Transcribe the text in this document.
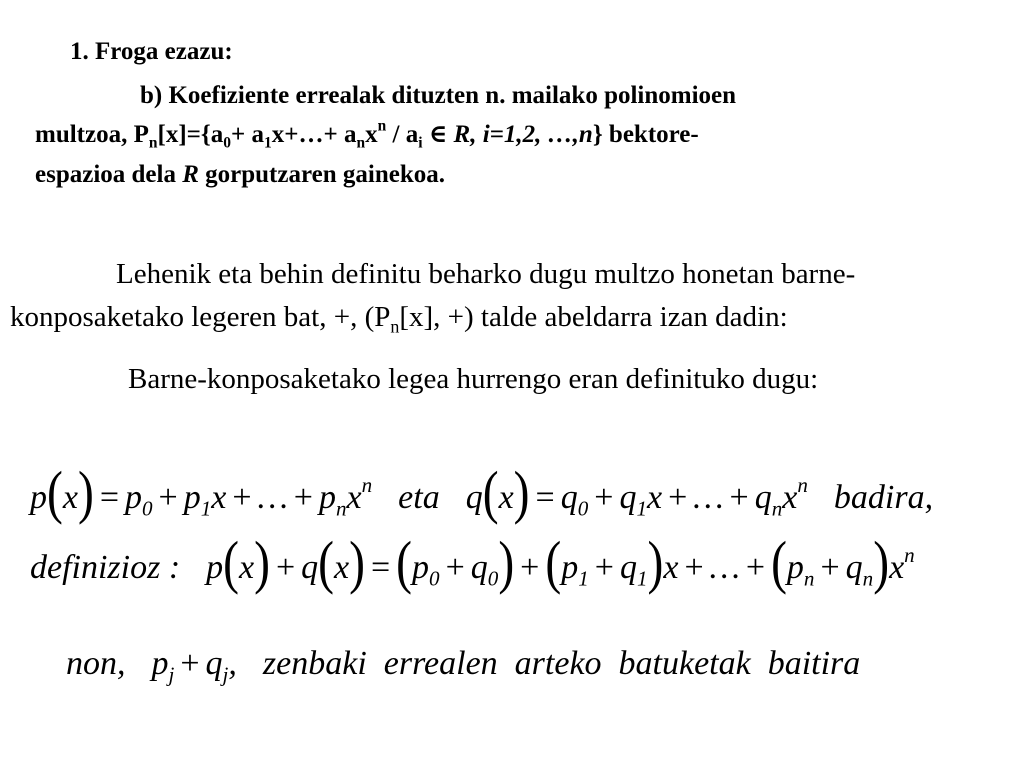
1. Froga ezazu:
b) Koefiziente errealak dituzten n. mailako polinomioen
multzoa, $P_n[x]=\{a_0+$ $a_1x+\dots+ a_nx^n / a_i$ ∈ R, i=1,2, …,n} bektore-
espazioa dela R gorputzaren gainekoa.
Lehenik eta behin definitu beharko dugu multzo honetan barne-
konposaketako legeren bat, +, ($P_n[x]$, +) talde abeldarra izan dadin:
Barne-konposaketako legea hurrengo eran definituko dugu:
$p(x) = p_0 + p_1x$ + … + $p_nx^n$ eta $q(x) = q_0 + q_1x$ + … + $q_nx^n$ badira,
definizioz : $p(x) + q(x) = (p_0 + q_0) + (p_1 + q_1)x$ + … + $(p_n + q_n)x^n$
non, $p_j + q_j$, zenbaki  errealen  arteko  batuketak  baitira
